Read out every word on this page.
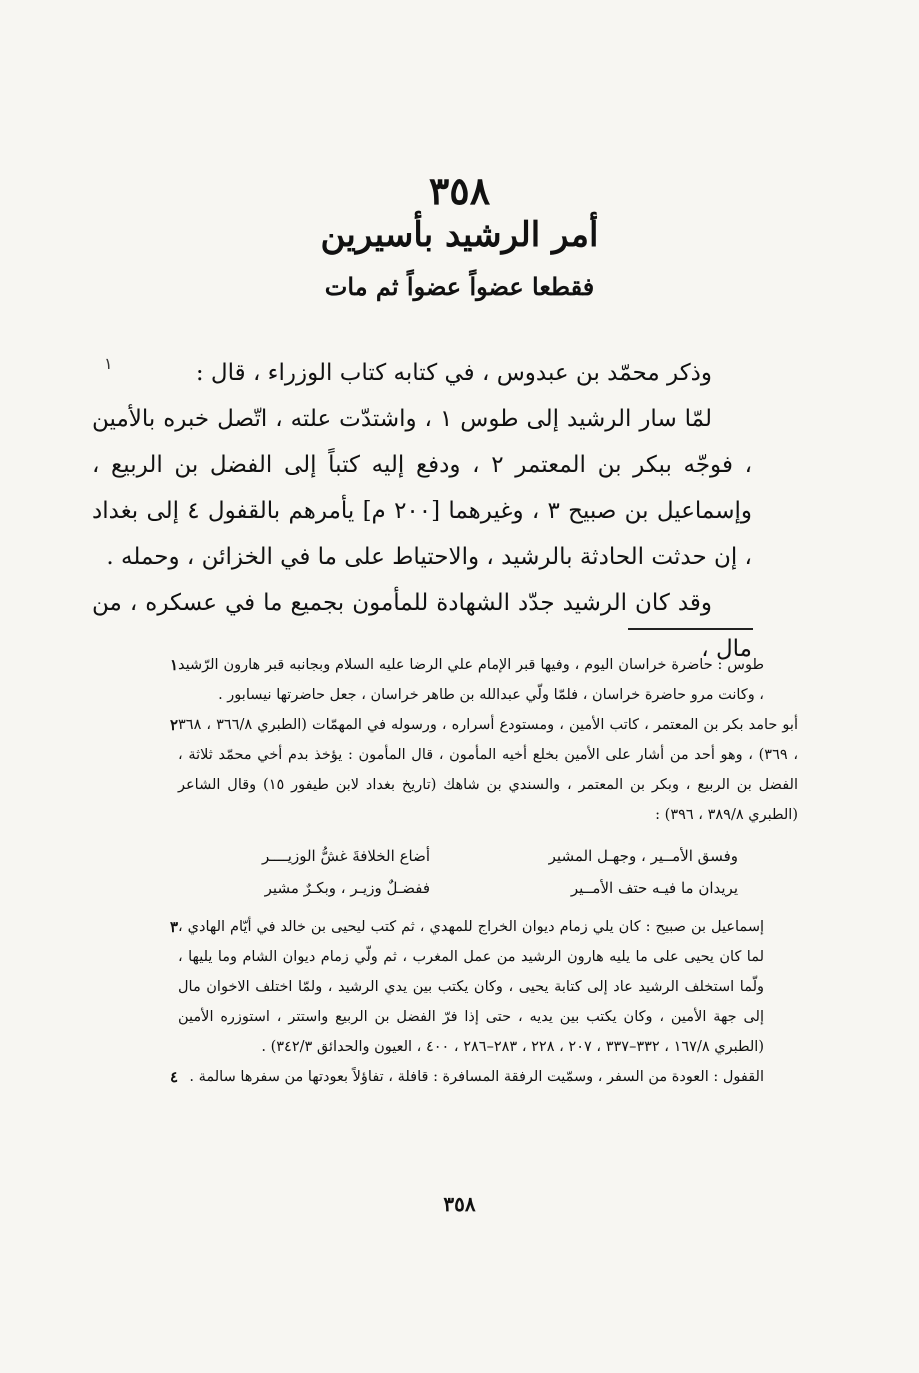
٣٥٨
أمر الرشيد بأسيرين
فقطعا عضواً عضواً ثم مات
١	وذكر محمّد بن عبدوس ، في كتابه كتاب الوزراء ، قال :

لمّا سار الرشيد إلى طوس ١ ، واشتدّت علته ، اتّصل خبره بالأمين ، فوجّه ببكر بن المعتمر ٢ ، ودفع إليه كتباً إلى الفضل بن الربيع ، وإسماعيل بن صبيح ٣ ، وغيرهما [٢٠٠ م] يأمرهم بالقفول ٤ إلى بغداد ، إن حدثت الحادثة بالرشيد ، والاحتياط على ما في الخزائن ، وحمله .

وقد كان الرشيد جدّد الشهادة للمأمون بجميع ما في عسكره ، من مال ،

١ طوس : حاضرة خراسان اليوم ، وفيها قبر الإمام علي الرضا عليه السلام وبجانبه قبر هارون الرّشيد ، وكانت مرو حاضرة خراسان ، فلمّا ولّي عبدالله بن طاهر خراسان ، جعل حاضرتها نيسابور .
٢ أبو حامد بكر بن المعتمر ، كاتب الأمين ، ومستودع أسراره ، ورسوله في المهمّات (الطبري ٣٦٦/٨ ، ٣٦٨ ، ٣٦٩) ، وهو أحد من أشار على الأمين بخلع أخيه المأمون ، قال المأمون : يؤخذ بدم أخي محمّد ثلاثة ، الفضل بن الربيع ، وبكر بن المعتمر ، والسندي بن شاهك (تاريخ بغداد لابن طيفور ١٥) وقال الشاعر (الطبري ٣٨٩/٨ ، ٣٩٦) :
أضاع الخلافةَ غشُّ الوزيــــر	وفسق الأمــير ، وجهـل المشير
ففضـلٌ وزيـر ، وبكـرٌ مشير	يريدان ما فيـه حتف الأمــير
٣ إسماعيل بن صبيح : كان يلي زمام ديوان الخراج للمهدي ، ثم كتب ليحيى بن خالد في أيّام الهادي ، لما كان يحيى على ما يليه هارون الرشيد من عمل المغرب ، ثم ولّي زمام ديوان الشام وما يليها ، ولّما استخلف الرشيد عاد إلى كتابة يحيى ، وكان يكتب بين يدي الرشيد ، ولمّا اختلف الاخوان مال إلى جهة الأمين ، وكان يكتب بين يديه ، حتى إذا فرّ الفضل بن الربيع واستتر ، استوزره الأمين (الطبري ١٦٧/٨ ، ٣٣٢–٣٣٧ ، ٢٠٧ ، ٢٢٨ ، ٢٨٣–٢٨٦ ، ٤٠٠ ، العيون والحدائق ٣٤٢/٣) .
٤ القفول : العودة من السفر ، وسمّيت الرفقة المسافرة : قافلة ، تفاؤلاً بعودتها من سفرها سالمة .
٣٥٨
